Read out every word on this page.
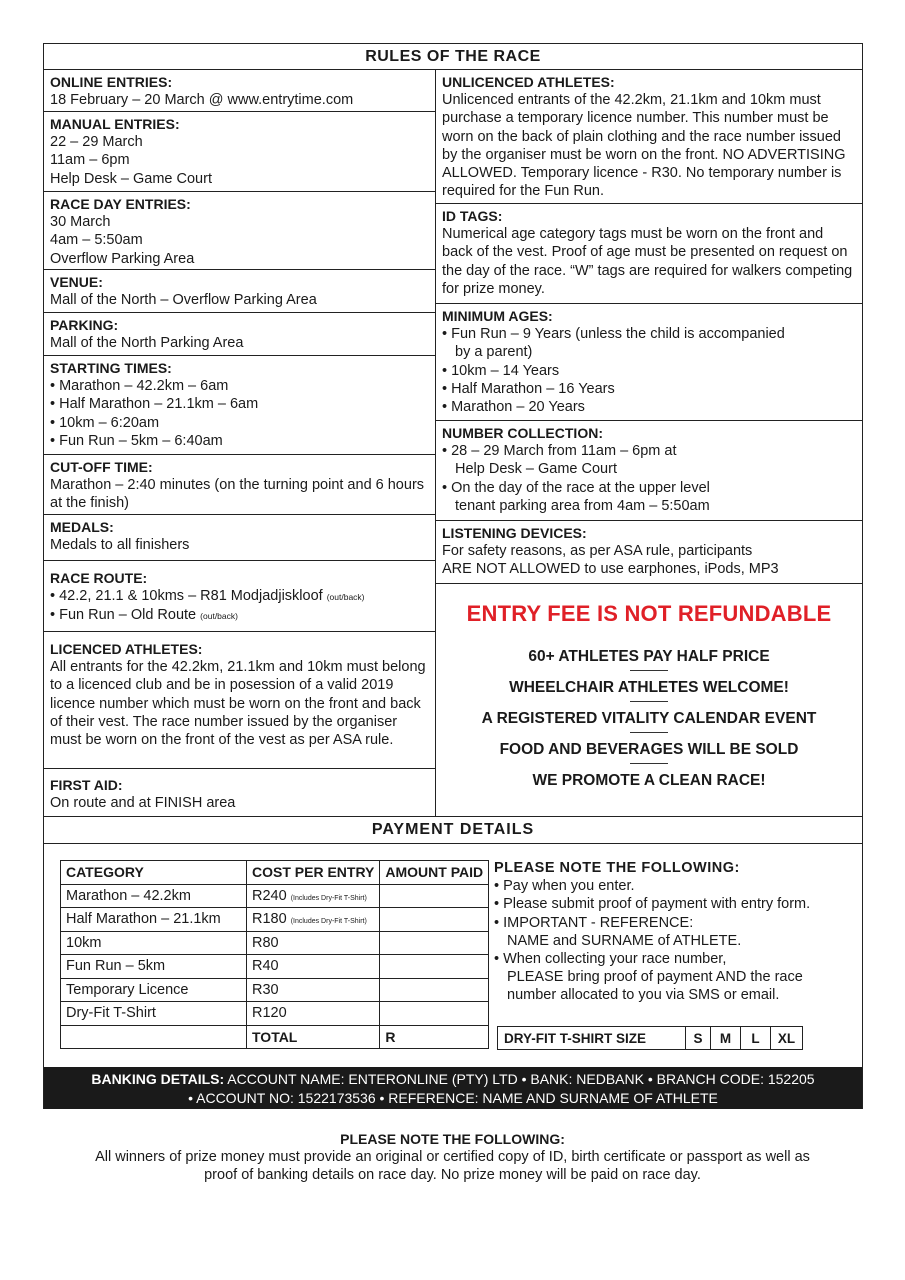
RULES OF THE RACE
ONLINE ENTRIES:
18 February – 20 March @ www.entrytime.com
MANUAL ENTRIES:
22 – 29 March
11am – 6pm
Help Desk – Game Court
RACE DAY ENTRIES:
30 March
4am – 5:50am
Overflow Parking Area
VENUE:
Mall of the North – Overflow Parking Area
PARKING:
Mall of the North Parking Area
STARTING TIMES:
• Marathon – 42.2km – 6am
• Half Marathon – 21.1km – 6am
• 10km – 6:20am
• Fun Run – 5km – 6:40am
CUT-OFF TIME:
Marathon – 2:40 minutes (on the turning point and 6 hours at the finish)
MEDALS:
Medals to all finishers
RACE ROUTE:
• 42.2, 21.1 & 10kms – R81 Modjadjiskloof (out/back)
• Fun Run – Old Route (out/back)
LICENCED ATHLETES:
All entrants for the 42.2km, 21.1km and 10km must belong to a licenced club and be in posession of a valid 2019 licence number which must be worn on the front and back of their vest. The race number issued by the organiser must be worn on the front of the vest as per ASA rule.
FIRST AID:
On route and at FINISH area
UNLICENCED ATHLETES:
Unlicenced entrants of the 42.2km, 21.1km and 10km must purchase a temporary licence number. This number must be worn on the back of plain clothing and the race number issued by the organiser must be worn on the front. NO ADVERTISING ALLOWED. Temporary licence - R30. No temporary number is required for the Fun Run.
ID TAGS:
Numerical age category tags must be worn on the front and back of the vest. Proof of age must be presented on request on the day of the race. “W” tags are required for walkers competing for prize money.
MINIMUM AGES:
• Fun Run – 9 Years (unless the child is accompanied
by a parent)
• 10km – 14 Years
• Half Marathon – 16 Years
• Marathon – 20 Years
NUMBER COLLECTION:
• 28 – 29 March from 11am – 6pm at
Help Desk – Game Court
• On the day of the race at the upper level
tenant parking area from 4am – 5:50am
LISTENING DEVICES:
For safety reasons, as per ASA rule, participants
ARE NOT ALLOWED to use earphones, iPods, MP3
ENTRY FEE IS NOT REFUNDABLE
60+ ATHLETES PAY HALF PRICE
WHEELCHAIR ATHLETES WELCOME!
A REGISTERED VITALITY CALENDAR EVENT
FOOD AND BEVERAGES WILL BE SOLD
WE PROMOTE A CLEAN RACE!
PAYMENT DETAILS
CATEGORY	COST PER ENTRY	AMOUNT PAID
Marathon – 42.2km	R240 (Includes Dry-Fit T-Shirt)	
Half Marathon – 21.1km	R180 (Includes Dry-Fit T-Shirt)	
10km	R80	
Fun Run – 5km	R40	
Temporary Licence	R30	
Dry-Fit T-Shirt	R120	
	TOTAL	R
PLEASE NOTE THE FOLLOWING:
• Pay when you enter.
• Please submit proof of payment with entry form.
• IMPORTANT - REFERENCE:
NAME and SURNAME of ATHLETE.
• When collecting your race number,
PLEASE bring proof of payment AND the race
number allocated to you via SMS or email.
DRY-FIT T-SHIRT SIZE	S	M	L	XL
BANKING DETAILS: ACCOUNT NAME: ENTERONLINE (PTY) LTD • BANK: NEDBANK • BRANCH CODE: 152205
• ACCOUNT NO: 1522173536 • REFERENCE: NAME AND SURNAME OF ATHLETE
PLEASE NOTE THE FOLLOWING:
All winners of prize money must provide an original or certified copy of ID, birth certificate or passport as well as
proof of banking details on race day. No prize money will be paid on race day.
